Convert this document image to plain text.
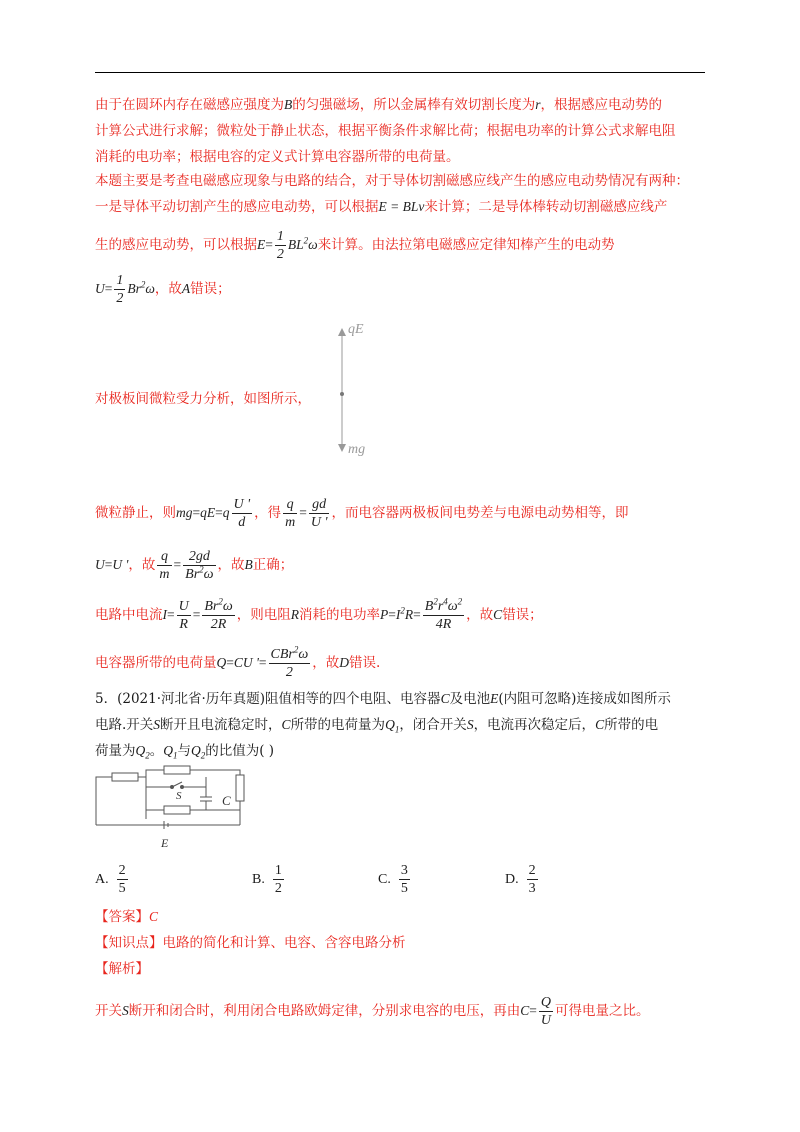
由于在圆环内存在磁感应强度为B的匀强磁场，所以金属棒有效切割长度为r，根据感应电动势的
计算公式进行求解；微粒处于静止状态，根据平衡条件求解比荷；根据电功率的计算公式求解电阻
消耗的电功率；根据电容的定义式计算电容器所带的电荷量。
本题主要是考查电磁感应现象与电路的结合，对于导体切割磁感应线产生的感应电动势情况有两种：
一是导体平动切割产生的感应电动势，可以根据E = BLv来计算；二是导体棒转动切割磁感应线产
生的感应电动势，可以根据$E= \frac{1}{2} BL^2\omega$来计算。由法拉第电磁感应定律知棒产生的电动势
$U= \frac{1}{2} Br^2\omega$，故A错误；
对极板间微粒受力分析，如图所示，
qE
mg
微粒静止，则$mg=qE=q \frac{U '}{d}$ ，得 $\frac{q}{m} = \frac{gd}{U '}$ ，而电容器两极板间电势差与电源电动势相等，即
U=U '，故 $\frac{q}{m} = \frac{2gd}{Br^2\omega}$ ，故B正确；
电路中电流$I= \frac{U}{R} = \frac{Br^2\omega}{2R}$ ，则电阻R消耗的电功率$P=I^2R= \frac{B^2r^4\omega^2}{4R}$ ，故C错误；
电容器所带的电荷量Q=CU '= $\frac{CBr^2\omega}{2}$ ，故D错误.
5．(2021·河北省·历年真题)阻值相等的四个电阻、电容器C及电池E(内阻可忽略)连接成如图所示
电路.开关S断开且电流稳定时，C所带的电荷量为$Q_1$，闭合开关S，电流再次稳定后，C所带的电
荷量为$Q_2$。$Q_1$与$Q_2$的比值为( )
S	C
E
A. $\frac{2}{5}$	B. $\frac{1}{2}$	C. $\frac{3}{5}$	D. $\frac{2}{3}$
【答案】C
【知识点】电路的简化和计算、电容、含容电路分析
【解析】
开关S断开和闭合时，利用闭合电路欧姆定律，分别求电容的电压，再由$C= \frac{Q}{U}$ 可得电量之比。
